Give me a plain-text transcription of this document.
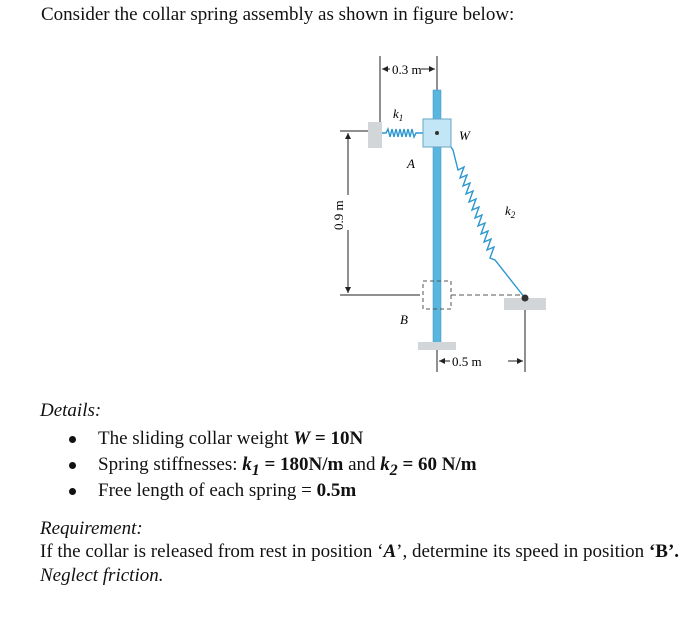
Consider the collar spring assembly as shown in figure below:
0.3 m
0.9 m
$k_1$
$k_2$
W
A
B
0.5 m
Details:
The sliding collar weight W = 10N
Spring stiffnesses: $k_1 = 180N/m$ and $k_2 = 60$ N/m
Free length of each spring = 0.5m
Requirement:
If the collar is released from rest in position ‘A’, determine its speed in position ‘B’.
Neglect friction.
